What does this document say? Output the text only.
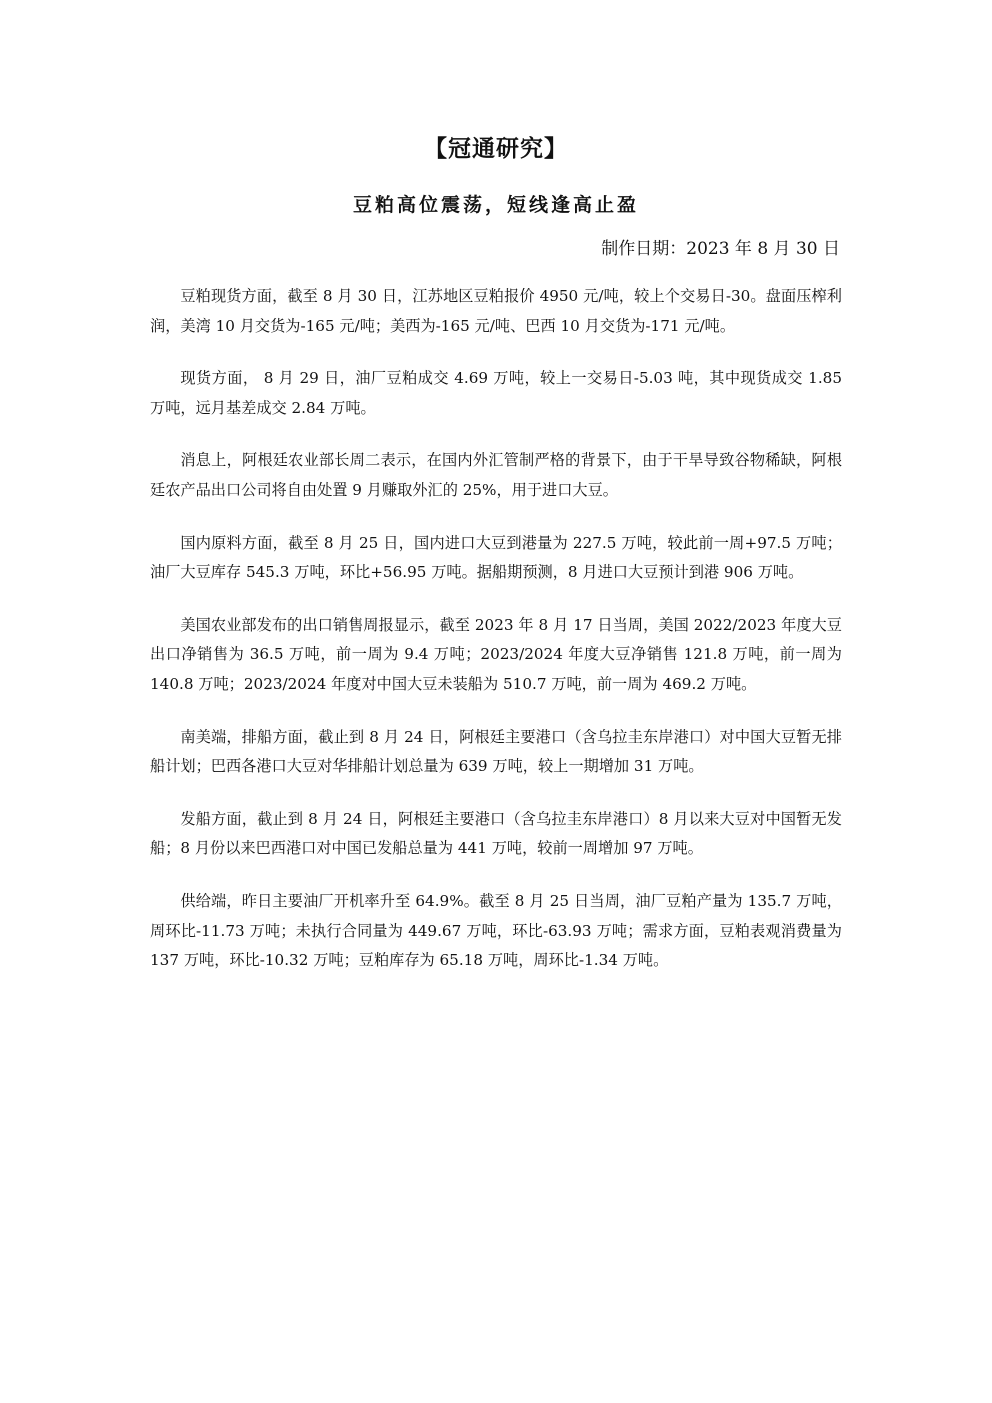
【冠通研究】
豆粕高位震荡，短线逢高止盈
制作日期：2023 年 8 月 30 日

豆粕现货方面，截至 8 月 30 日，江苏地区豆粕报价 4950 元/吨，较上个交易日-30。盘面压榨利润，美湾 10 月交货为-165 元/吨；美西为-165 元/吨、巴西 10 月交货为-171 元/吨。

现货方面， 8 月 29 日，油厂豆粕成交 4.69 万吨，较上一交易日-5.03 吨，其中现货成交 1.85 万吨，远月基差成交 2.84 万吨。

消息上，阿根廷农业部长周二表示，在国内外汇管制严格的背景下，由于干旱导致谷物稀缺，阿根廷农产品出口公司将自由处置 9 月赚取外汇的 25%，用于进口大豆。

国内原料方面，截至 8 月 25 日，国内进口大豆到港量为 227.5 万吨，较此前一周+97.5 万吨；油厂大豆库存 545.3 万吨，环比+56.95 万吨。据船期预测，8 月进口大豆预计到港 906 万吨。

美国农业部发布的出口销售周报显示，截至 2023 年 8 月 17 日当周，美国 2022/2023 年度大豆出口净销售为 36.5 万吨，前一周为 9.4 万吨；2023/2024 年度大豆净销售 121.8 万吨，前一周为 140.8 万吨；2023/2024 年度对中国大豆未装船为 510.7 万吨，前一周为 469.2 万吨。

南美端，排船方面，截止到 8 月 24 日，阿根廷主要港口（含乌拉圭东岸港口）对中国大豆暂无排船计划；巴西各港口大豆对华排船计划总量为 639 万吨，较上一期增加 31 万吨。

发船方面，截止到 8 月 24 日，阿根廷主要港口（含乌拉圭东岸港口）8 月以来大豆对中国暂无发船；8 月份以来巴西港口对中国已发船总量为 441 万吨，较前一周增加 97 万吨。

供给端，昨日主要油厂开机率升至 64.9%。截至 8 月 25 日当周，油厂豆粕产量为 135.7 万吨，周环比-11.73 万吨；未执行合同量为 449.67 万吨，环比-63.93 万吨；需求方面，豆粕表观消费量为 137 万吨，环比-10.32 万吨；豆粕库存为 65.18 万吨，周环比-1.34 万吨。
